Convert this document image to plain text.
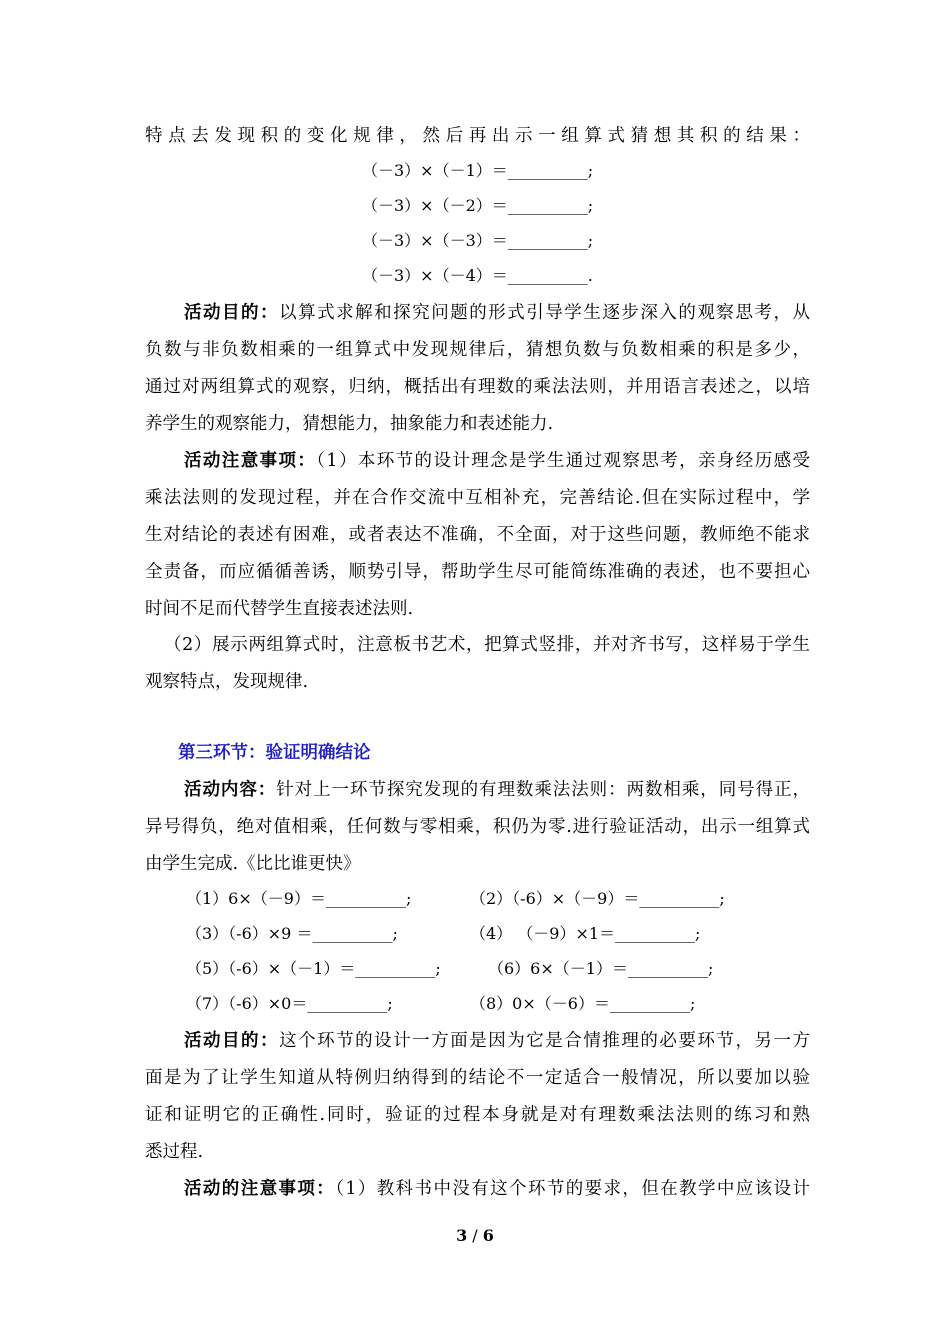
特点去发现积的变化规律，然后再出示一组算式猜想其积的结果：
（－3）×（－1）＝__________;
（－3）×（－2）＝__________;
（－3）×（－3）＝__________;
（－3）×（－4）＝__________.
活动目的：以算式求解和探究问题的形式引导学生逐步深入的观察思考，从
负数与非负数相乘的一组算式中发现规律后，猜想负数与负数相乘的积是多少，
通过对两组算式的观察，归纳，概括出有理数的乘法法则，并用语言表述之，以培
养学生的观察能力，猜想能力，抽象能力和表述能力.
活动注意事项：（1）本环节的设计理念是学生通过观察思考，亲身经历感受
乘法法则的发现过程，并在合作交流中互相补充，完善结论.但在实际过程中，学
生对结论的表述有困难，或者表达不准确，不全面，对于这些问题，教师绝不能求
全责备，而应循循善诱，顺势引导，帮助学生尽可能简练准确的表述，也不要担心
时间不足而代替学生直接表述法则.
（2）展示两组算式时，注意板书艺术，把算式竖排，并对齐书写，这样易于学生
观察特点，发现规律.
第三环节：验证明确结论
活动内容：针对上一环节探究发现的有理数乘法法则：两数相乘，同号得正，
异号得负，绝对值相乘，任何数与零相乘，积仍为零.进行验证活动，出示一组算式
由学生完成.《比比谁更快》
（1）6×（－9）＝__________;	（2）（-6）×（－9）＝__________;
（3）（-6）×9 ＝__________;	（4） （－9）×1＝__________;
（5）（-6）×（－1）＝__________;	（6）6×（－1）＝__________;
（7）（-6）×0＝__________;	（8）0×（－6）＝__________;
活动目的：这个环节的设计一方面是因为它是合情推理的必要环节，另一方
面是为了让学生知道从特例归纳得到的结论不一定适合一般情况，所以要加以验
证和证明它的正确性.同时，验证的过程本身就是对有理数乘法法则的练习和熟
悉过程.
活动的注意事项：（1）教科书中没有这个环节的要求，但在教学中应该设计
3 / 6
